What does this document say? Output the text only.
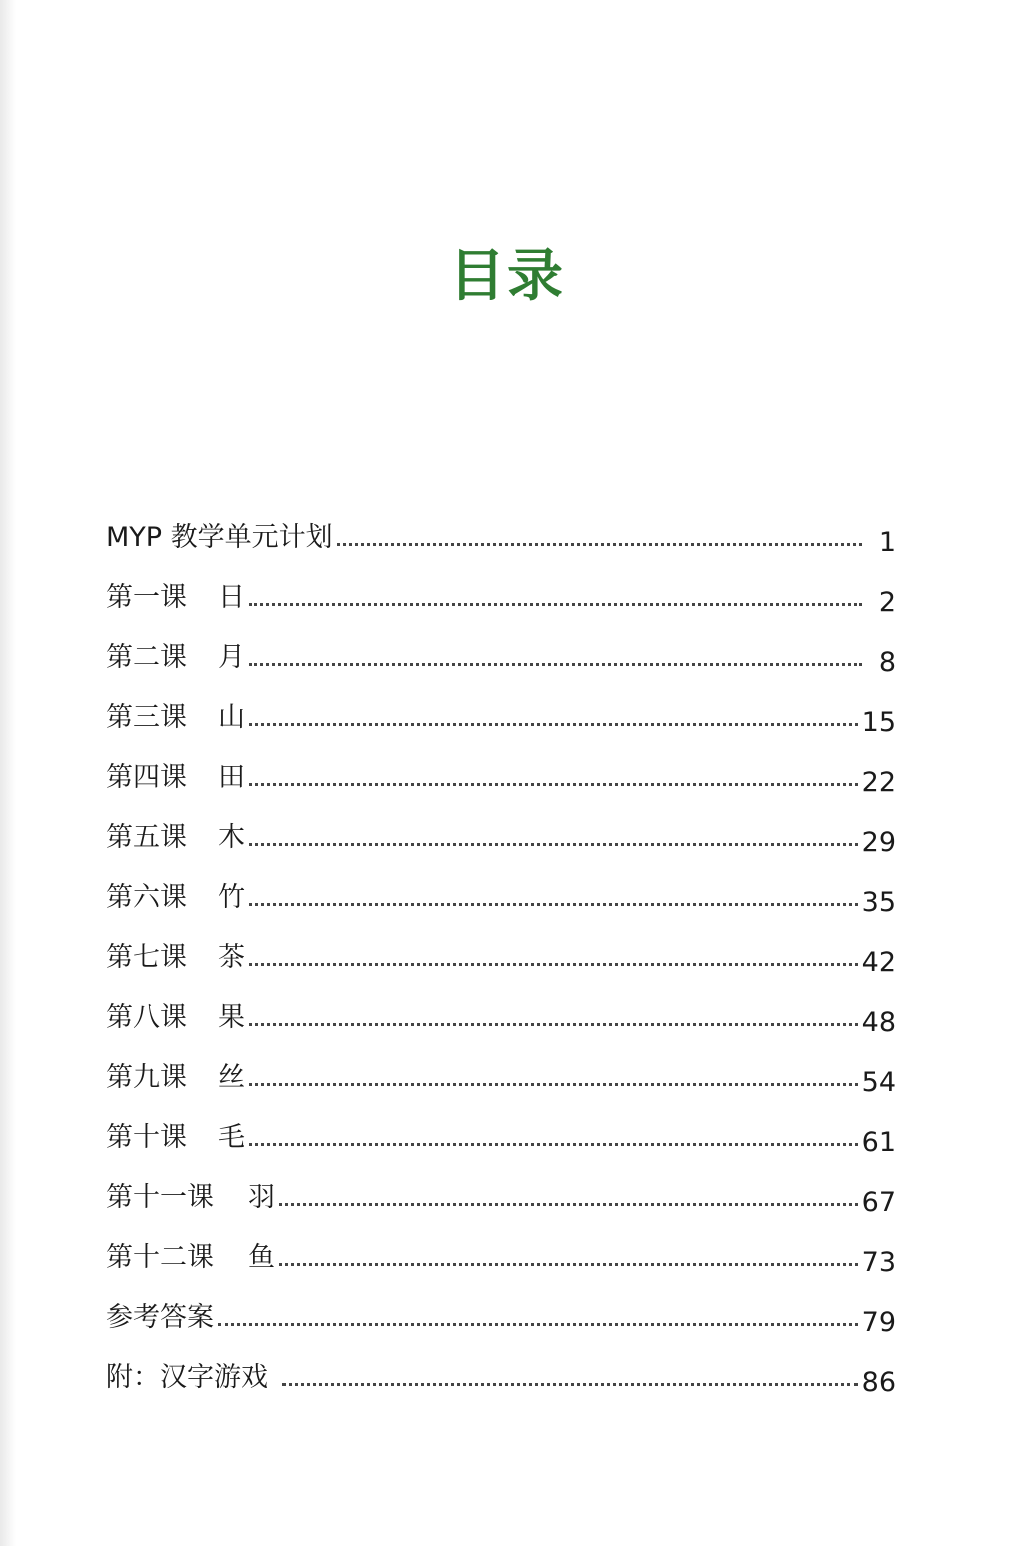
目录
MYP 教学单元计划	1
第一课	日	2
第二课	月	8
第三课	山	15
第四课	田	22
第五课	木	29
第六课	竹	35
第七课	茶	42
第八课	果	48
第九课	丝	54
第十课	毛	61
第十一课	羽	67
第十二课	鱼	73
参考答案	79
附：汉字游戏	86
